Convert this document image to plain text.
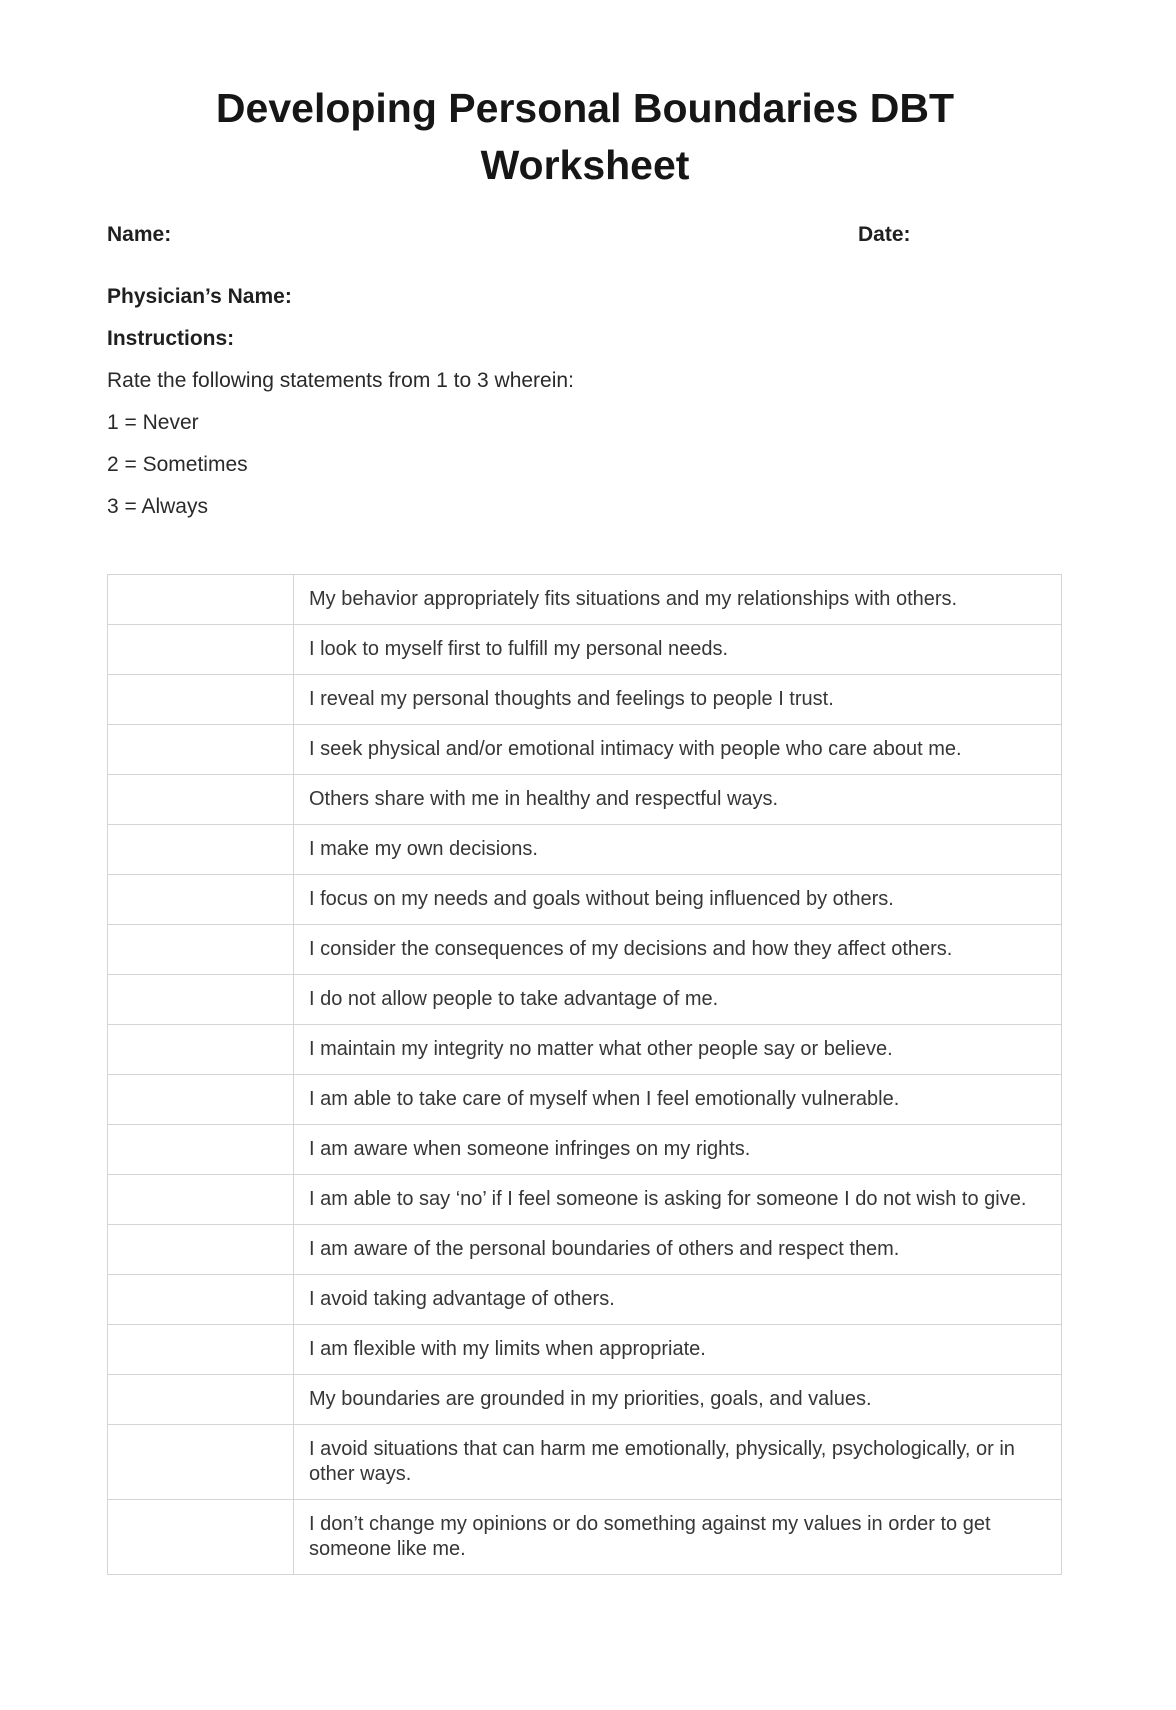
Developing Personal Boundaries DBT Worksheet

Name:	Date:

Physician’s Name:

Instructions:

Rate the following statements from 1 to 3 wherein:

1 = Never

2 = Sometimes

3 = Always

	My behavior appropriately fits situations and my relationships with others.
	I look to myself first to fulfill my personal needs.
	I reveal my personal thoughts and feelings to people I trust.
	I seek physical and/or emotional intimacy with people who care about me.
	Others share with me in healthy and respectful ways.
	I make my own decisions.
	I focus on my needs and goals without being influenced by others.
	I consider the consequences of my decisions and how they affect others.
	I do not allow people to take advantage of me.
	I maintain my integrity no matter what other people say or believe.
	I am able to take care of myself when I feel emotionally vulnerable.
	I am aware when someone infringes on my rights.
	I am able to say ‘no’ if I feel someone is asking for someone I do not wish to give.
	I am aware of the personal boundaries of others and respect them.
	I avoid taking advantage of others.
	I am flexible with my limits when appropriate.
	My boundaries are grounded in my priorities, goals, and values.
	I avoid situations that can harm me emotionally, physically, psychologically, or in other ways.
	I don’t change my opinions or do something against my values in order to get someone like me.
